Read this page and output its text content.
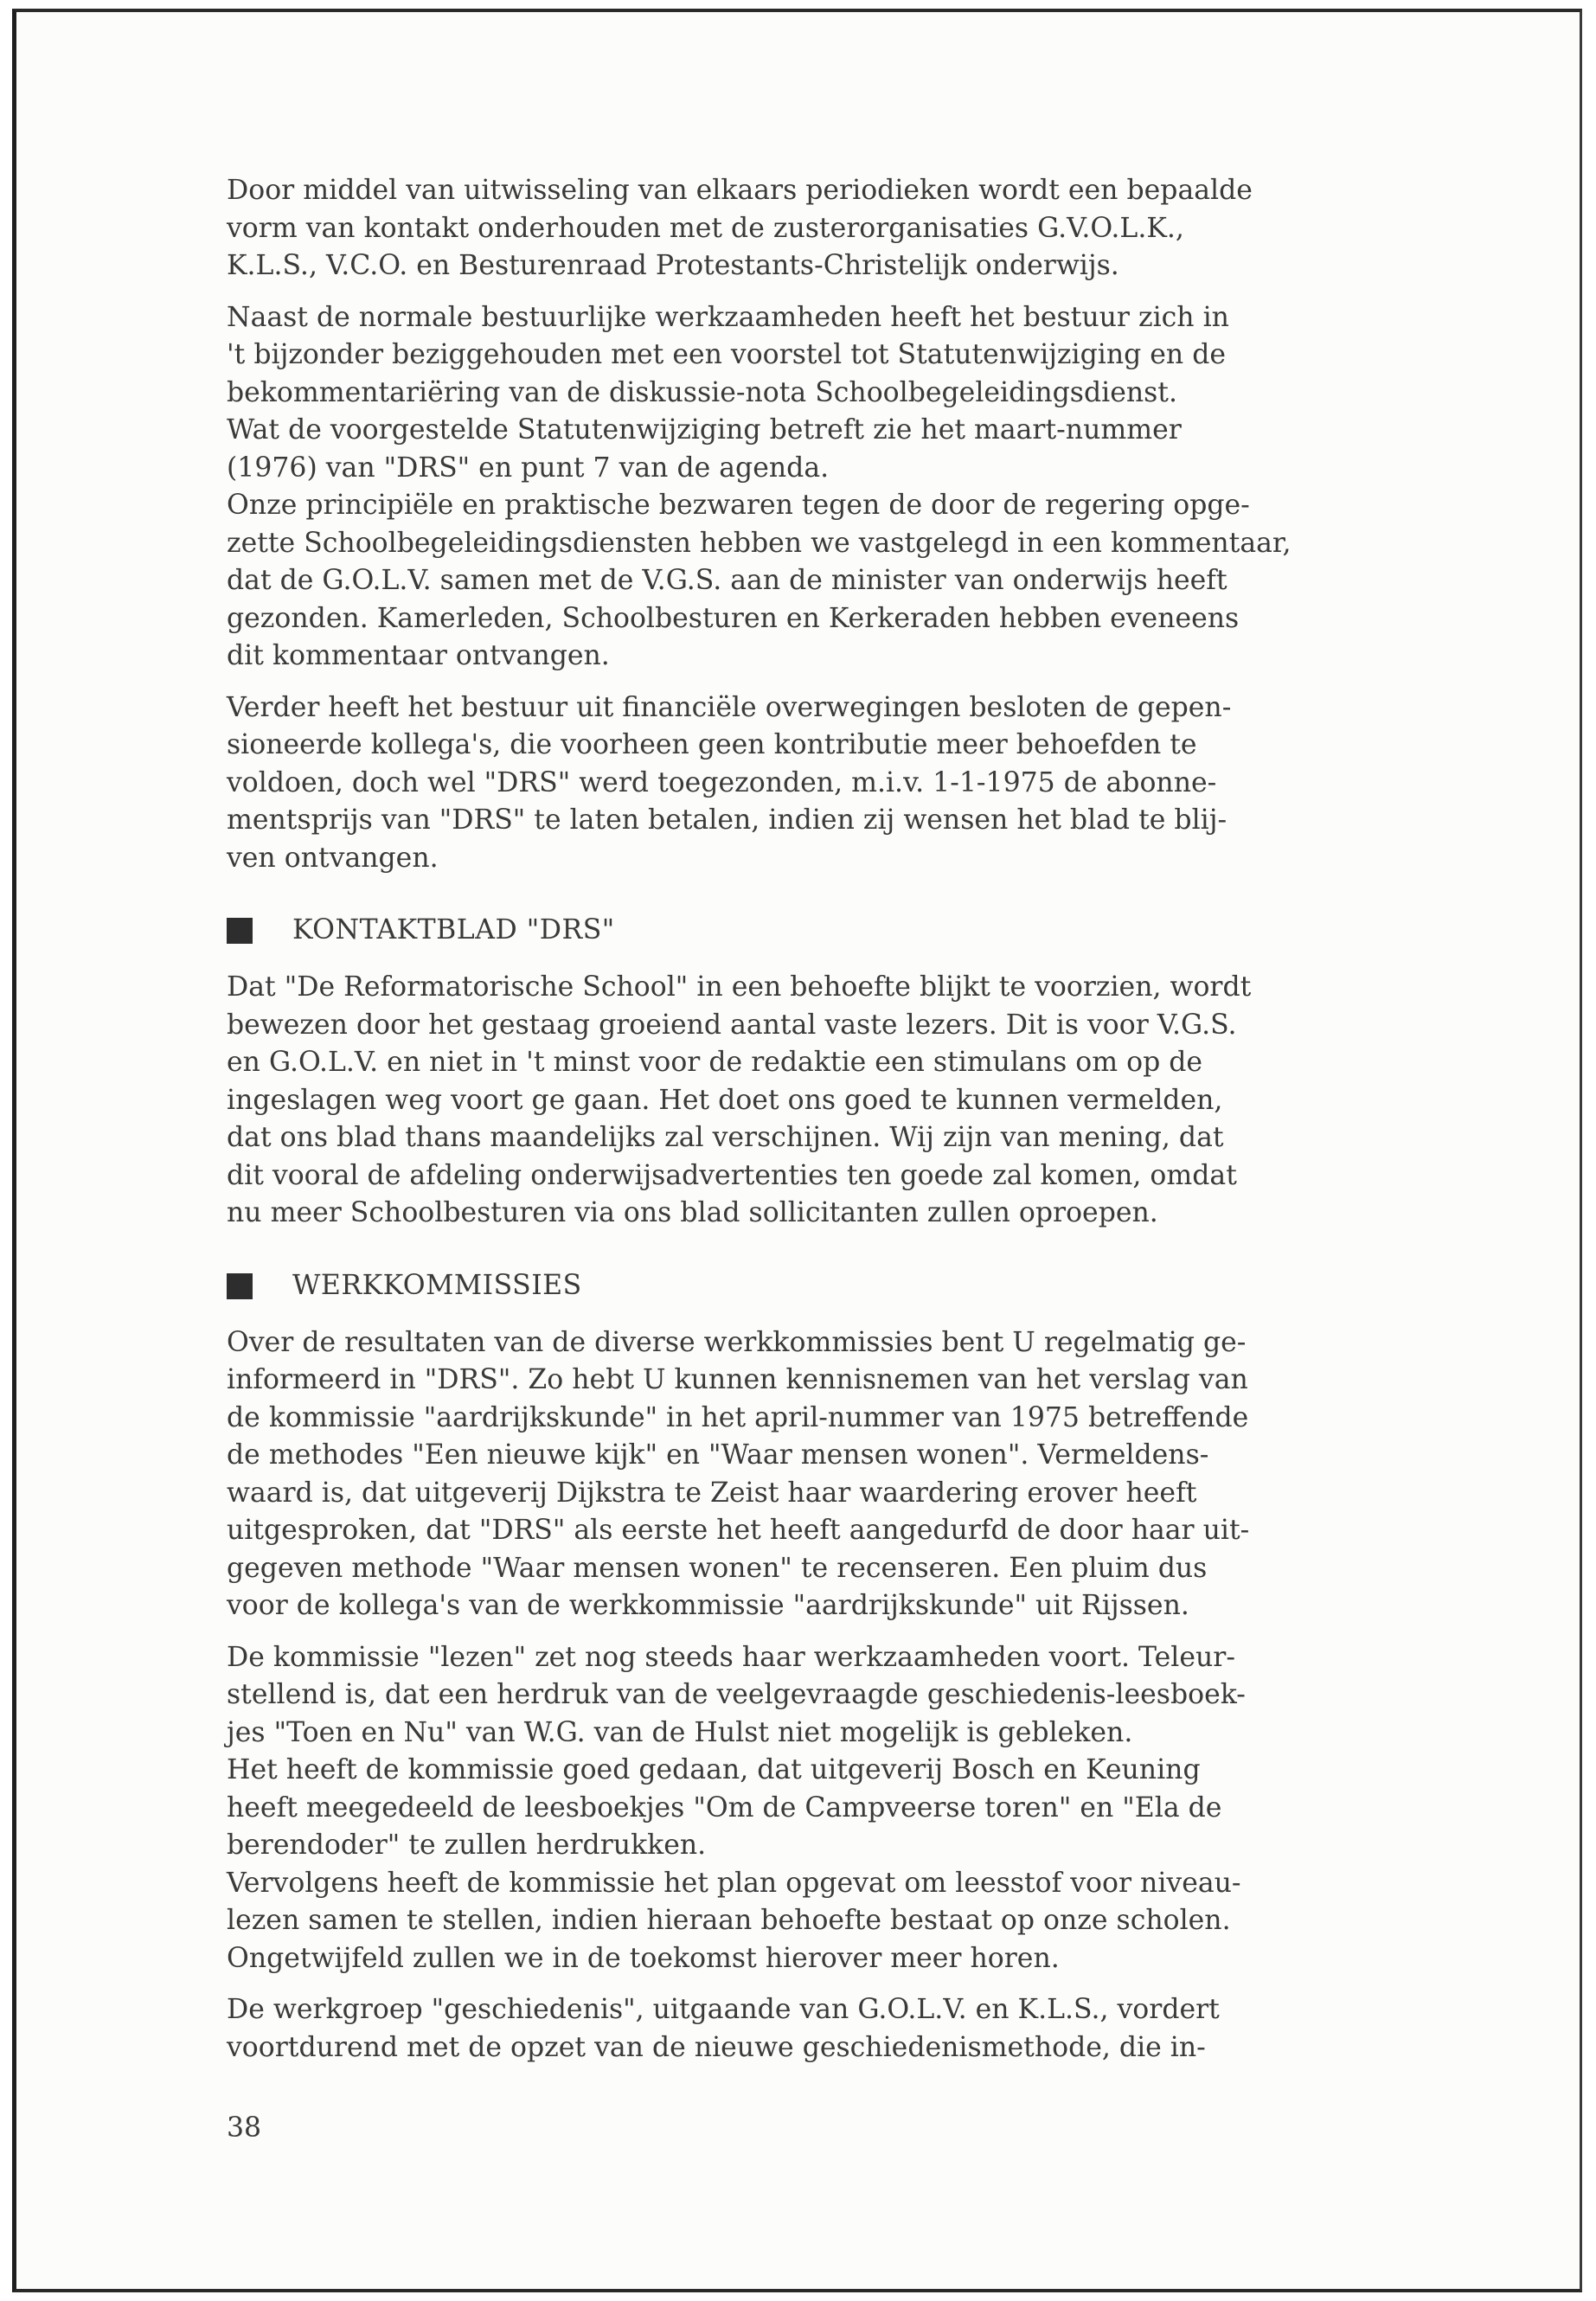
Door middel van uitwisseling van elkaars periodieken wordt een bepaalde
vorm van kontakt onderhouden met de zusterorganisaties G.V.O.L.K.,
K.L.S., V.C.O. en Besturenraad Protestants-Christelijk onderwijs.
Naast de normale bestuurlijke werkzaamheden heeft het bestuur zich in
't bijzonder beziggehouden met een voorstel tot Statutenwijziging en de
bekommentariëring van de diskussie-nota Schoolbegeleidingsdienst.
Wat de voorgestelde Statutenwijziging betreft zie het maart-nummer
(1976) van "DRS" en punt 7 van de agenda.
Onze principiële en praktische bezwaren tegen de door de regering opge-
zette Schoolbegeleidingsdiensten hebben we vastgelegd in een kommentaar,
dat de G.O.L.V. samen met de V.G.S. aan de minister van onderwijs heeft
gezonden. Kamerleden, Schoolbesturen en Kerkeraden hebben eveneens
dit kommentaar ontvangen.
Verder heeft het bestuur uit financiële overwegingen besloten de gepen-
sioneerde kollega's, die voorheen geen kontributie meer behoefden te
voldoen, doch wel "DRS" werd toegezonden, m.i.v. 1-1-1975 de abonne-
mentsprijs van "DRS" te laten betalen, indien zij wensen het blad te blij-
ven ontvangen.
KONTAKTBLAD "DRS"
Dat "De Reformatorische School" in een behoefte blijkt te voorzien, wordt
bewezen door het gestaag groeiend aantal vaste lezers. Dit is voor V.G.S.
en G.O.L.V. en niet in 't minst voor de redaktie een stimulans om op de
ingeslagen weg voort ge gaan. Het doet ons goed te kunnen vermelden,
dat ons blad thans maandelijks zal verschijnen. Wij zijn van mening, dat
dit vooral de afdeling onderwijsadvertenties ten goede zal komen, omdat
nu meer Schoolbesturen via ons blad sollicitanten zullen oproepen.
WERKKOMMISSIES
Over de resultaten van de diverse werkkommissies bent U regelmatig ge-
informeerd in "DRS". Zo hebt U kunnen kennisnemen van het verslag van
de kommissie "aardrijkskunde" in het april-nummer van 1975 betreffende
de methodes "Een nieuwe kijk" en "Waar mensen wonen". Vermeldens-
waard is, dat uitgeverij Dijkstra te Zeist haar waardering erover heeft
uitgesproken, dat "DRS" als eerste het heeft aangedurfd de door haar uit-
gegeven methode "Waar mensen wonen" te recenseren. Een pluim dus
voor de kollega's van de werkkommissie "aardrijkskunde" uit Rijssen.
De kommissie "lezen" zet nog steeds haar werkzaamheden voort. Teleur-
stellend is, dat een herdruk van de veelgevraagde geschiedenis-leesboek-
jes "Toen en Nu" van W.G. van de Hulst niet mogelijk is gebleken.
Het heeft de kommissie goed gedaan, dat uitgeverij Bosch en Keuning
heeft meegedeeld de leesboekjes "Om de Campveerse toren" en "Ela de
berendoder" te zullen herdrukken.
Vervolgens heeft de kommissie het plan opgevat om leesstof voor niveau-
lezen samen te stellen, indien hieraan behoefte bestaat op onze scholen.
Ongetwijfeld zullen we in de toekomst hierover meer horen.
De werkgroep "geschiedenis", uitgaande van G.O.L.V. en K.L.S., vordert
voortdurend met de opzet van de nieuwe geschiedenismethode, die in-
38
